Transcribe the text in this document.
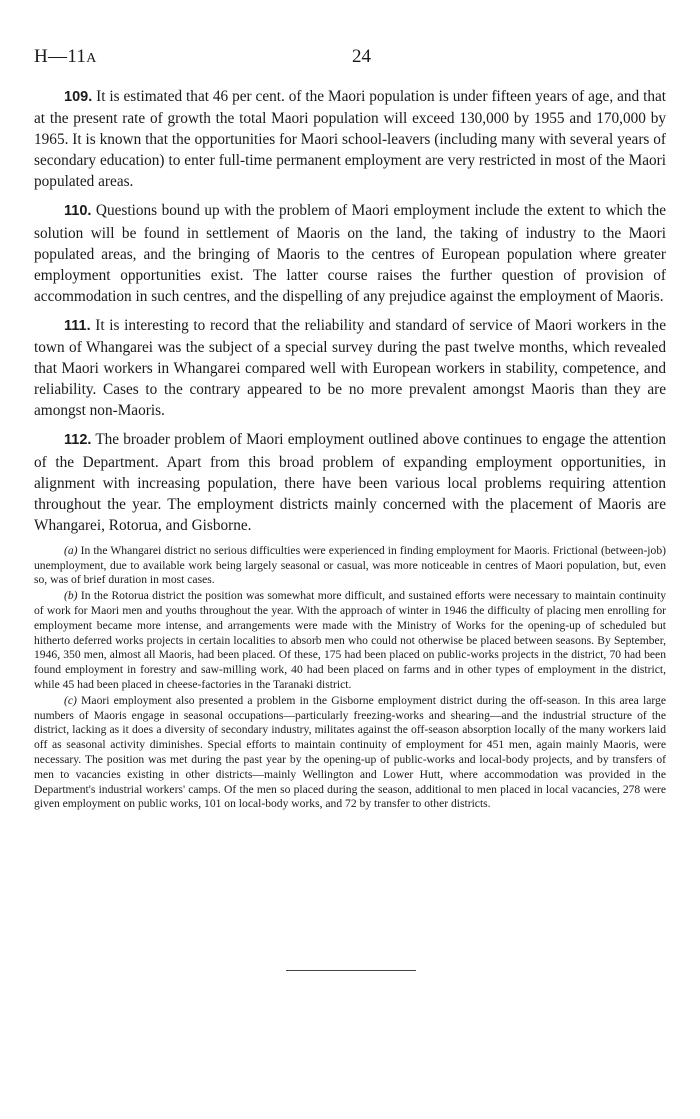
H—11A	24

109. It is estimated that 46 per cent. of the Maori population is under fifteen years of age, and that at the present rate of growth the total Maori population will exceed 130,000 by 1955 and 170,000 by 1965. It is known that the opportunities for Maori school-leavers (including many with several years of secondary education) to enter full-time permanent employment are very restricted in most of the Maori populated areas.

110. Questions bound up with the problem of Maori employment include the extent to which the solution will be found in settlement of Maoris on the land, the taking of industry to the Maori populated areas, and the bringing of Maoris to the centres of European population where greater employment opportunities exist. The latter course raises the further question of provision of accommodation in such centres, and the dispelling of any prejudice against the employment of Maoris.

111. It is interesting to record that the reliability and standard of service of Maori workers in the town of Whangarei was the subject of a special survey during the past twelve months, which revealed that Maori workers in Whangarei compared well with European workers in stability, competence, and reliability. Cases to the contrary appeared to be no more prevalent amongst Maoris than they are amongst non-Maoris.

112. The broader problem of Maori employment outlined above continues to engage the attention of the Department. Apart from this broad problem of expanding employment opportunities, in alignment with increasing population, there have been various local problems requiring attention throughout the year. The employment districts mainly concerned with the placement of Maoris are Whangarei, Rotorua, and Gisborne.

(a) In the Whangarei district no serious difficulties were experienced in finding employment for Maoris. Frictional (between-job) unemployment, due to available work being largely seasonal or casual, was more noticeable in centres of Maori population, but, even so, was of brief duration in most cases.

(b) In the Rotorua district the position was somewhat more difficult, and sustained efforts were necessary to maintain continuity of work for Maori men and youths throughout the year. With the approach of winter in 1946 the difficulty of placing men enrolling for employment became more intense, and arrangements were made with the Ministry of Works for the opening-up of scheduled but hitherto deferred works projects in certain localities to absorb men who could not otherwise be placed between seasons. By September, 1946, 350 men, almost all Maoris, had been placed. Of these, 175 had been placed on public-works projects in the district, 70 had been found employment in forestry and saw-milling work, 40 had been placed on farms and in other types of employment in the district, while 45 had been placed in cheese-factories in the Taranaki district.

(c) Maori employment also presented a problem in the Gisborne employment district during the off-season. In this area large numbers of Maoris engage in seasonal occupations—particularly freezing-works and shearing—and the industrial structure of the district, lacking as it does a diversity of secondary industry, militates against the off-season absorption locally of the many workers laid off as seasonal activity diminishes. Special efforts to maintain continuity of employment for 451 men, again mainly Maoris, were necessary. The position was met during the past year by the opening-up of public-works and local-body projects, and by transfers of men to vacancies existing in other districts—mainly Wellington and Lower Hutt, where accommodation was provided in the Department's industrial workers' camps. Of the men so placed during the season, additional to men placed in local vacancies, 278 were given employment on public works, 101 on local-body works, and 72 by transfer to other districts.
